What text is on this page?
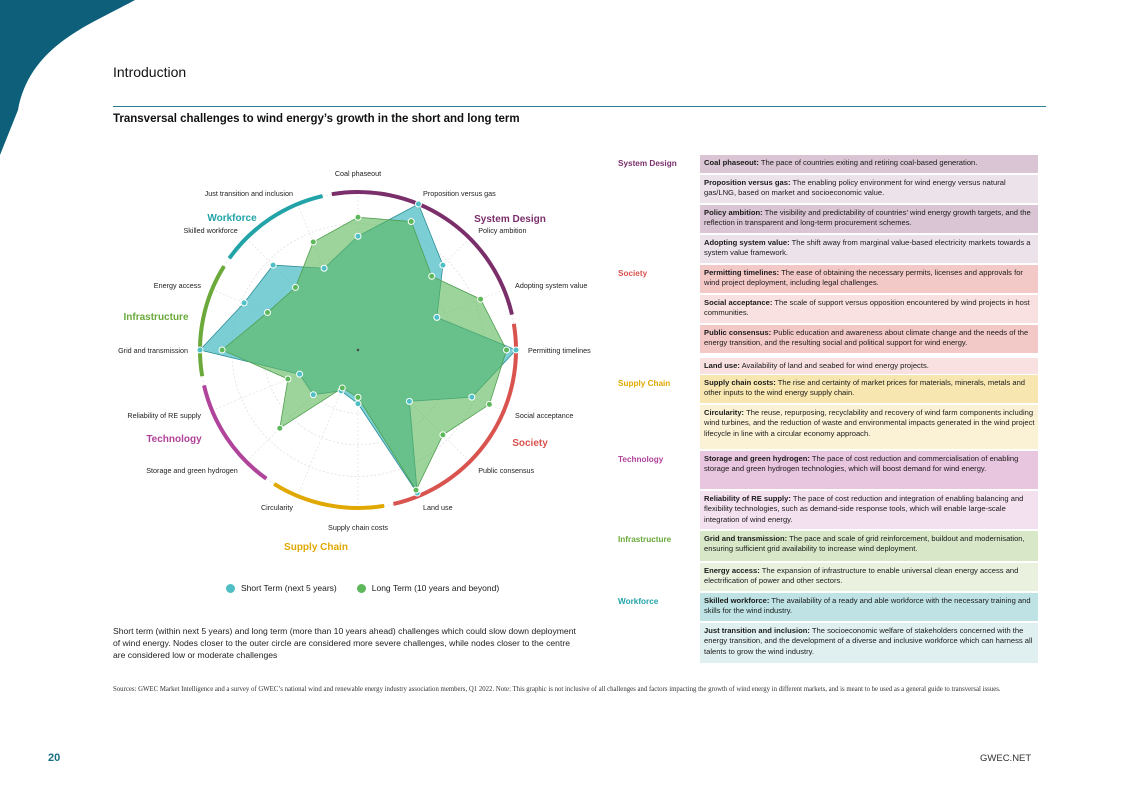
Introduction
Transversal challenges to wind energy’s growth in the short and long term
Coal phaseout
Proposition versus gas
Policy ambition
Adopting system value
Permitting timelines
Social acceptance
Public consensus
Land use
Supply chain costs
Circularity
Storage and green hydrogen
Reliability of RE supply
Grid and transmission
Energy access
Skilled workforce
Just transition and inclusion
System Design
Society
Supply Chain
Technology
Infrastructure
Workforce
Short Term (next 5 years)	Long Term (10 years and beyond)
Short term (within next 5 years) and long term (more than 10 years ahead) challenges which could slow down deployment of wind energy. Nodes closer to the outer circle are considered more severe challenges, while nodes closer to the centre are considered low or moderate challenges
System Design	Coal phaseout: The pace of countries exiting and retiring coal-based generation.
Proposition versus gas: The enabling policy environment for wind energy versus natural gas/LNG, based on market and socioeconomic value.
Policy ambition: The visibility and predictability of countries’ wind energy growth targets, and the reflection in transparent and long-term procurement schemes.
Adopting system value: The shift away from marginal value-based electricity markets towards a system value framework.
Society	Permitting timelines: The ease of obtaining the necessary permits, licenses and approvals for wind project deployment, including legal challenges.
Social acceptance: The scale of support versus opposition encountered by wind projects in host communities.
Public consensus: Public education and awareness about climate change and the needs of the energy transition, and the resulting social and political support for wind energy.
Land use: Availability of land and seabed for wind energy projects.
Supply Chain	Supply chain costs: The rise and certainty of market prices for materials, minerals, metals and other inputs to the wind energy supply chain.
Circularity: The reuse, repurposing, recyclability and recovery of wind farm components including wind turbines, and the reduction of waste and environmental impacts generated in the wind project lifecycle in line with a circular economy approach.
Technology	Storage and green hydrogen: The pace of cost reduction and commercialisation of enabling storage and green hydrogen technologies, which will boost demand for wind energy.
Reliability of RE supply: The pace of cost reduction and integration of enabling balancing and flexibility technologies, such as demand-side response tools, which will enable large-scale integration of wind energy.
Infrastructure	Grid and transmission: The pace and scale of grid reinforcement, buildout and modernisation, ensuring sufficient grid availability to increase wind deployment.
Energy access: The expansion of infrastructure to enable universal clean energy access and electrification of power and other sectors.
Workforce	Skilled workforce: The availability of a ready and able workforce with the necessary training and skills for the wind industry.
Just transition and inclusion: The socioeconomic welfare of stakeholders concerned with the energy transition, and the development of a diverse and inclusive workforce which can harness all talents to grow the wind industry.
Sources: GWEC Market Intelligence and a survey of GWEC’s national wind and renewable energy industry association members, Q1 2022. Note: This graphic is not inclusive of all challenges and factors impacting the growth of wind energy in different markets, and is meant to be used as a general guide to transversal issues.
20	GWEC.NET
